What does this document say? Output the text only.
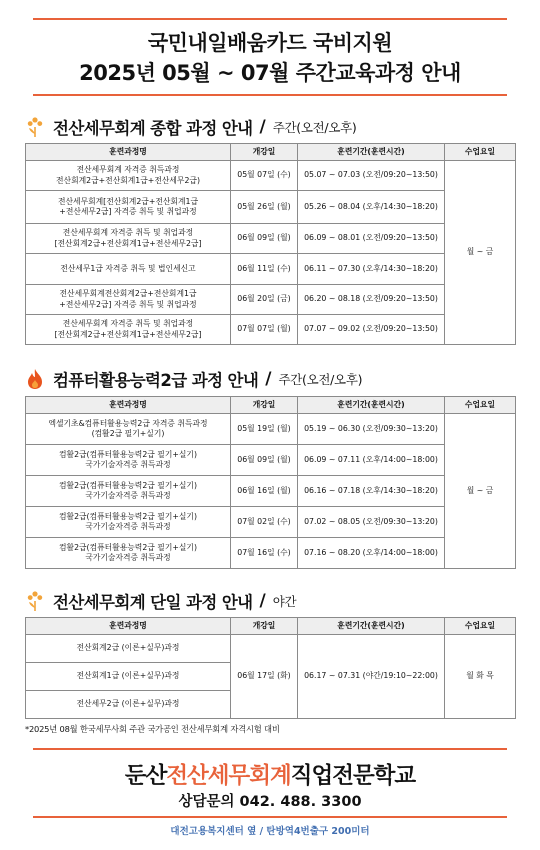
국민내일배움카드 국비지원
2025년 05월 ~ 07월 주간교육과정 안내
전산세무회계 종합 과정 안내 / 주간(오전/오후)
훈련과정명	개강일	훈련기간(훈련시간)	수업요일

전산세무회계 자격증 취득과정
전산회계2급+전산회계1급+전산세무2급)	05월 07일 (수)	05.07 ~ 07.03 (오전/09:20~13:50)	월 ~ 금

전산세무회계[전산회계2급+전산회계1급
+전산세무2급] 자격증 취득 및 취업과정	05월 26일 (월)	05.26 ~ 08.04 (오후/14:30~18:20)	

전산세무회계 자격증 취득 및 취업과정
[전산회계2급+전산회계1급+전산세무2급]	06월 09일 (월)	06.09 ~ 08.01 (오전/09:20~13:50)	

전산세무1급 자격증 취득 및 법인세신고	06월 11일 (수)	06.11 ~ 07.30 (오후/14:30~18:20)	

전산세무회계전산회계2급+전산회계1급
+전산세무2급] 자격증 취득 및 취업과정	06월 20일 (금)	06.20 ~ 08.18 (오전/09:20~13:50)	

전산세무회계 자격증 취득 및 취업과정
[전산회계2급+전산회계1급+전산세무2급]	07월 07일 (월)	07.07 ~ 09.02 (오전/09:20~13:50)	
컴퓨터활용능력2급 과정 안내 / 주간(오전/오후)
훈련과정명	개강일	훈련기간(훈련시간)	수업요일

엑셀기초&컴퓨터활용능력2급 자격증 취득과정
(컴활2급 필기+실기)	05월 19일 (월)	05.19 ~ 06.30 (오전/09:30~13:20)	월 ~ 금

컴활2급(컴퓨터활용능력2급 필기+실기)
국가기술자격증 취득과정	06월 09일 (월)	06.09 ~ 07.11 (오후/14:00~18:00)	

컴활2급(컴퓨터활용능력2급 필기+실기)
국가기술자격증 취득과정	06월 16일 (월)	06.16 ~ 07.18 (오후/14:30~18:20)	

컴활2급(컴퓨터활용능력2급 필기+실기)
국가기술자격증 취득과정	07월 02일 (수)	07.02 ~ 08.05 (오전/09:30~13:20)	

컴활2급(컴퓨터활용능력2급 필기+실기)
국가기술자격증 취득과정	07월 16일 (수)	07.16 ~ 08.20 (오후/14:00~18:00)	
전산세무회계 단일 과정 안내 / 야간
훈련과정명	개강일	훈련기간(훈련시간)	수업요일
전산회계2급 (이론+실무)과정	06월 17일 (화)	06.17 ~ 07.31 (야간/19:10~22:00)	월 화 목
전산회계1급 (이론+실무)과정			
전산세무2급 (이론+실무)과정			
*2025년 08월 한국세무사회 주관 국가공인 전산세무회계 자격시험 대비
둔산전산세무회계직업전문학교
상담문의 042. 488. 3300
대전고용복지센터 옆 / 탄방역4번출구 200미터
